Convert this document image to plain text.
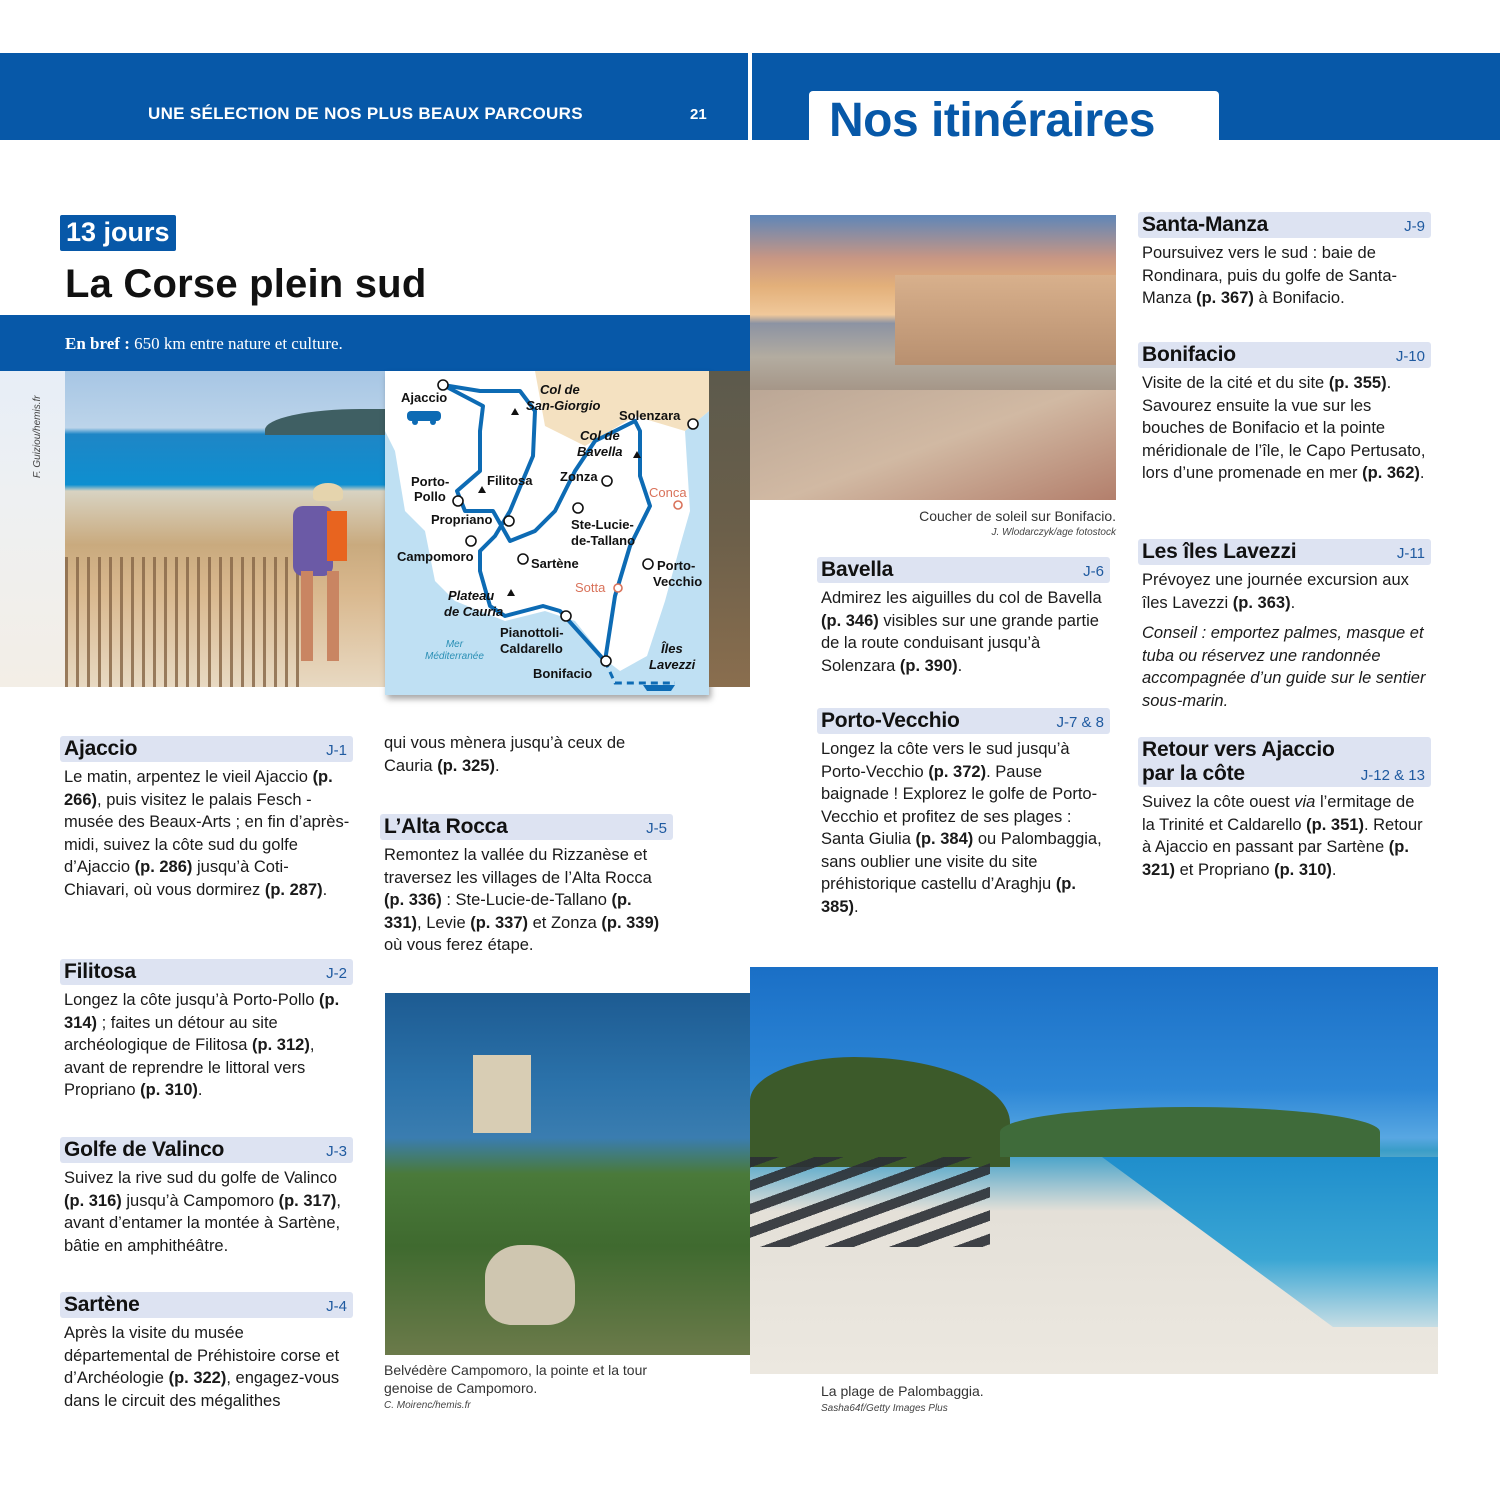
UNE SÉLECTION DE NOS PLUS BEAUX PARCOURS	21	Nos itinéraires
13 jours
La Corse plein sud
En bref : 650 km entre nature et culture.
F. Guiziou/hemis.fr	Ajaccio
Col de
San-Giorgio
Solenzara
Col de
Bavella
Porto-
Pollo
Filitosa Zonza
Conca
Propriano	Ste-Lucie-
de-Tallano
Campomoro	Sartène	Porto-
Vecchio
Sotta
Plateau
de Cauria
Pianottoli-
Caldarello
Mer
Méditerranée
Îles
Lavezzi
Bonifacio
Coucher de soleil sur Bonifacio.
J. Wlodarczyk/age fotostock
Belvédère Campomoro, la pointe et la tour
genoise de Campomoro.
C. Moirenc/hemis.fr
La plage de Palombaggia.
Sasha64f/Getty Images Plus
Ajaccio	J-1
Le matin, arpentez le vieil Ajaccio (p. 266), puis visitez le palais Fesch - musée des Beaux-Arts ; en fin d’après-midi, suivez la côte sud du golfe d’Ajaccio (p. 286) jusqu’à Coti-Chiavari, où vous dormirez (p. 287).
Filitosa	J-2
Longez la côte jusqu’à Porto-Pollo (p. 314) ; faites un détour au site archéologique de Filitosa (p. 312), avant de reprendre le littoral vers Propriano (p. 310).
Golfe de Valinco	J-3
Suivez la rive sud du golfe de Valinco (p. 316) jusqu’à Campomoro (p. 317), avant d’entamer la montée à Sartène, bâtie en amphithéâtre.
Sartène	J-4
Après la visite du musée départemental de Préhistoire corse et d’Archéologie (p. 322), engagez-vous dans le circuit des mégalithes
qui vous mènera jusqu’à ceux de Cauria (p. 325).
L’Alta Rocca	J-5
Remontez la vallée du Rizzanèse et traversez les villages de l’Alta Rocca (p. 336) : Ste-Lucie-de-Tallano (p. 331), Levie (p. 337) et Zonza (p. 339) où vous ferez étape.
Bavella	J-6
Admirez les aiguilles du col de Bavella (p. 346) visibles sur une grande partie de la route conduisant jusqu’à Solenzara (p. 390).
Porto-Vecchio	J-7 & 8
Longez la côte vers le sud jusqu’à Porto-Vecchio (p. 372). Pause baignade ! Explorez le golfe de Porto-Vecchio et profitez de ses plages : Santa Giulia (p. 384) ou Palombaggia, sans oublier une visite du site préhistorique castellu d’Araghju (p. 385).
Santa-Manza	J-9
Poursuivez vers le sud : baie de Rondinara, puis du golfe de Santa-Manza (p. 367) à Bonifacio.
Bonifacio	J-10
Visite de la cité et du site (p. 355). Savourez ensuite la vue sur les bouches de Bonifacio et la pointe méridionale de l’île, le Capo Pertusato, lors d’une promenade en mer (p. 362).
Les îles Lavezzi	J-11
Prévoyez une journée excursion aux îles Lavezzi (p. 363).
Conseil : emportez palmes, masque et tuba ou réservez une randonnée accompagnée d’un guide sur le sentier sous-marin.
Retour vers Ajaccio
par la côte	J-12 & 13
Suivez la côte ouest via l’ermitage de la Trinité et Caldarello (p. 351). Retour à Ajaccio en passant par Sartène (p. 321) et Propriano (p. 310).
